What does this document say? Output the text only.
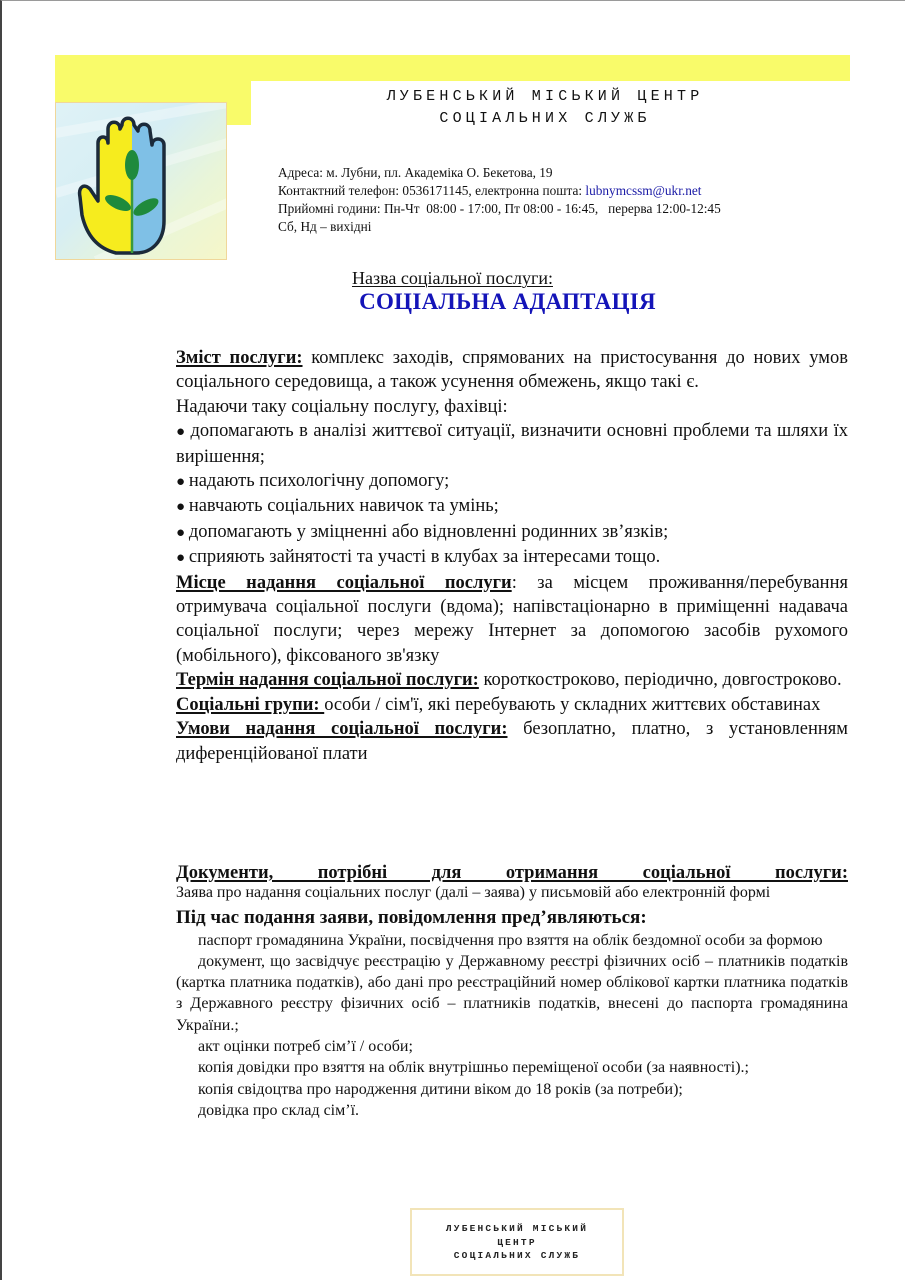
ЛУБЕНСЬКИЙ МІСЬКИЙ ЦЕНТР
СОЦІАЛЬНИХ СЛУЖБ
Адреса: м. Лубни, пл. Академіка О. Бекетова, 19
Контактний телефон: 0536171145, електронна пошта: lubnymcssm@ukr.net
Прийомні години: Пн-Чт  08:00 - 17:00, Пт 08:00 - 16:45,   перерва 12:00-12:45
Сб, Нд – вихідні
Назва соціальної послуги:
СОЦІАЛЬНА АДАПТАЦІЯ

Зміст послуги: комплекс заходів, спрямованих на пристосування до нових умов соціального середовища, а також усунення обмежень, якщо такі є.

Надаючи таку соціальну послугу, фахівці:

● допомагають в аналізі життєвої ситуації, визначити основні проблеми та шляхи їх вирішення;

● надають психологічну допомогу;

● навчають соціальних навичок та умінь;

● допомагають у зміцненні або відновленні родинних зв’язків;

● сприяють зайнятості та участі в клубах за інтересами тощо.

Місце надання соціальної послуги: за місцем проживання/перебування отримувача соціальної послуги (вдома); напівстаціонарно в приміщенні надавача соціальної послуги; через мережу Інтернет за допомогою засобів рухомого (мобільного), фіксованого зв'язку

Термін надання соціальної послуги: короткостроково, періодично, довгостроково.

Соціальні групи: особи / сім'ї, які перебувають у складних життєвих обставинах

Умови надання соціальної послуги: безоплатно, платно, з установленням диференційованої плати

Документи, потрібні для отримання соціальної послуги:
Заява про надання соціальних послуг (далі – заява) у письмовій або електронній формі
Під час подання заяви, повідомлення пред’являються:

паспорт громадянина України, посвідчення про взяття на облік бездомної особи за формою

документ, що засвідчує реєстрацію у Державному реєстрі фізичних осіб – платників податків (картка платника податків), або дані про реєстраційний номер облікової картки платника податків з Державного реєстру фізичних осіб – платників податків, внесені до паспорта громадянина України.;

акт оцінки потреб сім’ї / особи;

копія довідки про взяття на облік внутрішньо переміщеної особи (за наявності).;

копія свідоцтва про народження дитини віком до 18 років (за потреби);

довідка про склад сім’ї.

ЛУБЕНСЬКИЙ МІСЬКИЙ
ЦЕНТР
СОЦІАЛЬНИХ СЛУЖБ
